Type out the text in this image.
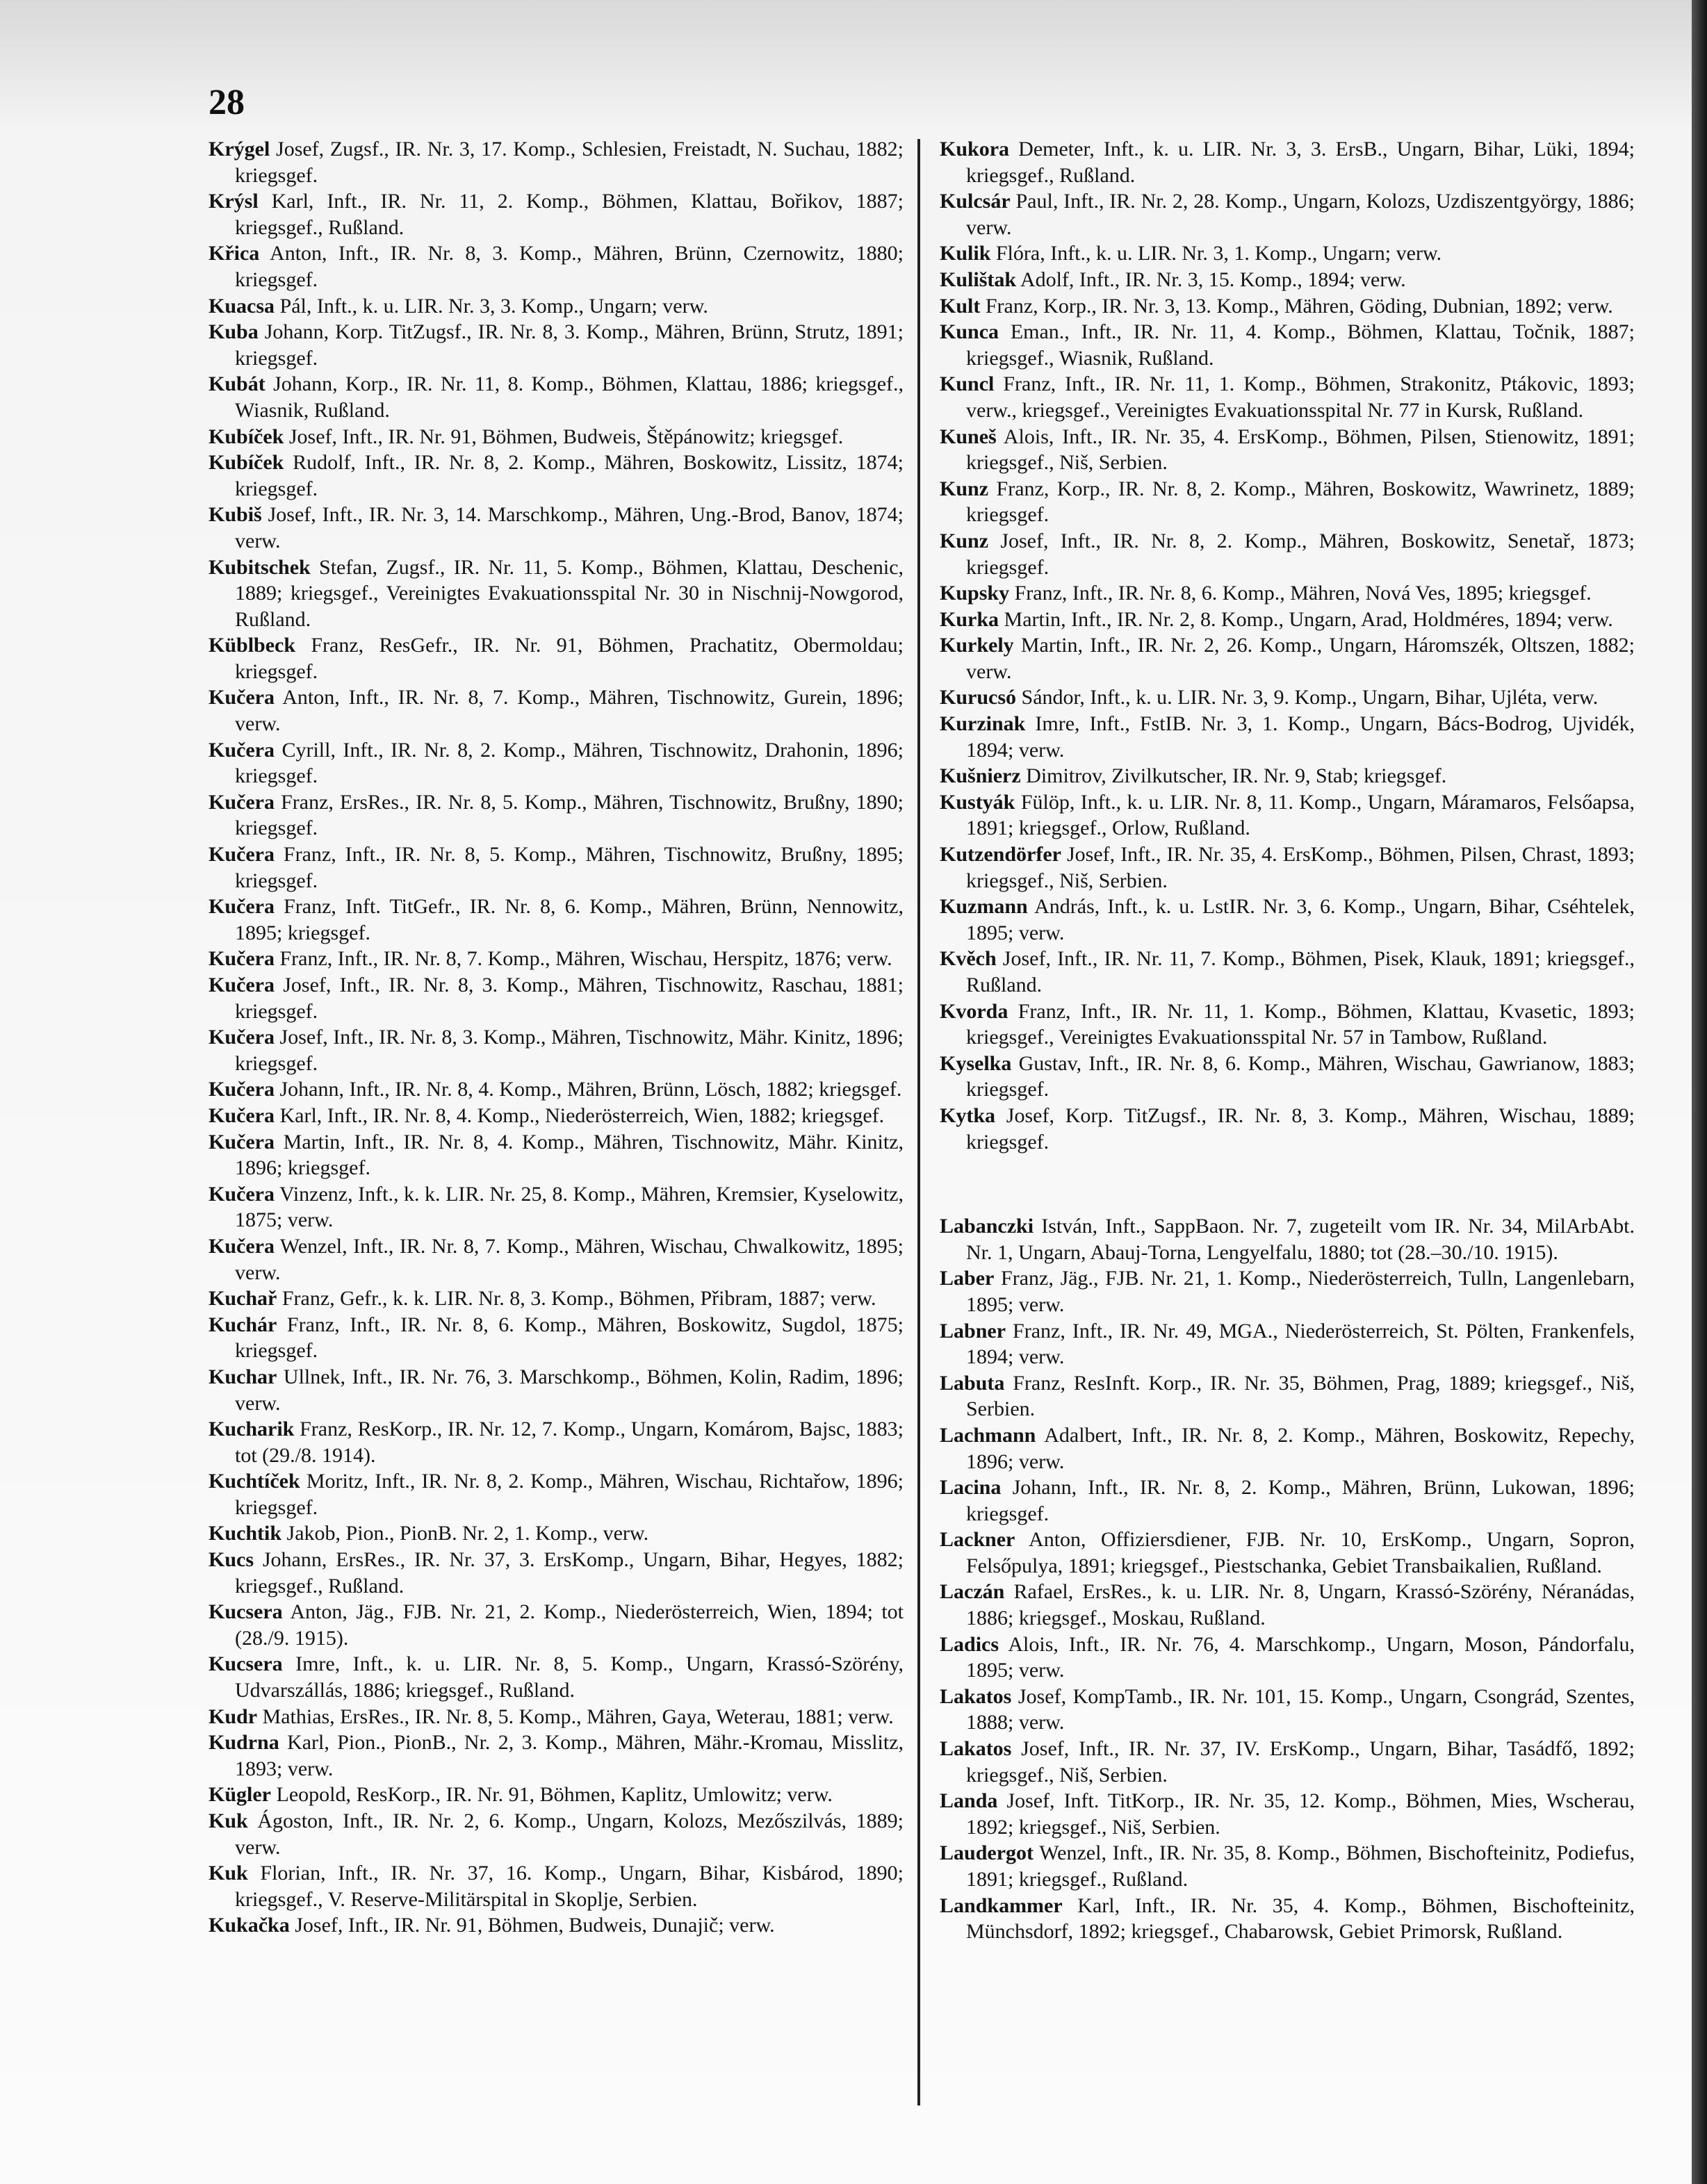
28

Krýgel Josef, Zugsf., IR. Nr. 3, 17. Komp., Schlesien, Freistadt, N. Suchau, 1882; kriegsgef.

Krýsl Karl, Inft., IR. Nr. 11, 2. Komp., Böhmen, Klattau, Bořikov, 1887; kriegsgef., Rußland.

Křica Anton, Inft., IR. Nr. 8, 3. Komp., Mähren, Brünn, Czernowitz, 1880; kriegsgef.

Kuacsa Pál, Inft., k. u. LIR. Nr. 3, 3. Komp., Ungarn; verw.

Kuba Johann, Korp. TitZugsf., IR. Nr. 8, 3. Komp., Mähren, Brünn, Strutz, 1891; kriegsgef.

Kubát Johann, Korp., IR. Nr. 11, 8. Komp., Böhmen, Klattau, 1886; kriegsgef., Wiasnik, Rußland.

Kubíček Josef, Inft., IR. Nr. 91, Böhmen, Budweis, Štěpánowitz; kriegsgef.

Kubíček Rudolf, Inft., IR. Nr. 8, 2. Komp., Mähren, Boskowitz, Lissitz, 1874; kriegsgef.

Kubiš Josef, Inft., IR. Nr. 3, 14. Marschkomp., Mähren, Ung.-Brod, Banov, 1874; verw.

Kubitschek Stefan, Zugsf., IR. Nr. 11, 5. Komp., Böhmen, Klattau, Deschenic, 1889; kriegsgef., Vereinigtes Evakuationsspital Nr. 30 in Nischnij-Nowgorod, Rußland.

Küblbeck Franz, ResGefr., IR. Nr. 91, Böhmen, Prachatitz, Obermoldau; kriegsgef.

Kučera Anton, Inft., IR. Nr. 8, 7. Komp., Mähren, Tischnowitz, Gurein, 1896; verw.

Kučera Cyrill, Inft., IR. Nr. 8, 2. Komp., Mähren, Tischnowitz, Drahonin, 1896; kriegsgef.

Kučera Franz, ErsRes., IR. Nr. 8, 5. Komp., Mähren, Tischnowitz, Brußny, 1890; kriegsgef.

Kučera Franz, Inft., IR. Nr. 8, 5. Komp., Mähren, Tischnowitz, Brußny, 1895; kriegsgef.

Kučera Franz, Inft. TitGefr., IR. Nr. 8, 6. Komp., Mähren, Brünn, Nennowitz, 1895; kriegsgef.

Kučera Franz, Inft., IR. Nr. 8, 7. Komp., Mähren, Wischau, Herspitz, 1876; verw.

Kučera Josef, Inft., IR. Nr. 8, 3. Komp., Mähren, Tischnowitz, Raschau, 1881; kriegsgef.

Kučera Josef, Inft., IR. Nr. 8, 3. Komp., Mähren, Tischnowitz, Mähr. Kinitz, 1896; kriegsgef.

Kučera Johann, Inft., IR. Nr. 8, 4. Komp., Mähren, Brünn, Lösch, 1882; kriegsgef.

Kučera Karl, Inft., IR. Nr. 8, 4. Komp., Niederösterreich, Wien, 1882; kriegsgef.

Kučera Martin, Inft., IR. Nr. 8, 4. Komp., Mähren, Tischnowitz, Mähr. Kinitz, 1896; kriegsgef.

Kučera Vinzenz, Inft., k. k. LIR. Nr. 25, 8. Komp., Mähren, Kremsier, Kyselowitz, 1875; verw.

Kučera Wenzel, Inft., IR. Nr. 8, 7. Komp., Mähren, Wischau, Chwalkowitz, 1895; verw.

Kuchař Franz, Gefr., k. k. LIR. Nr. 8, 3. Komp., Böhmen, Přibram, 1887; verw.

Kuchár Franz, Inft., IR. Nr. 8, 6. Komp., Mähren, Boskowitz, Sugdol, 1875; kriegsgef.

Kuchar Ullnek, Inft., IR. Nr. 76, 3. Marschkomp., Böhmen, Kolin, Radim, 1896; verw.

Kucharik Franz, ResKorp., IR. Nr. 12, 7. Komp., Ungarn, Komárom, Bajsc, 1883; tot (29./8. 1914).

Kuchtíček Moritz, Inft., IR. Nr. 8, 2. Komp., Mähren, Wischau, Richtařow, 1896; kriegsgef.

Kuchtik Jakob, Pion., PionB. Nr. 2, 1. Komp., verw.

Kucs Johann, ErsRes., IR. Nr. 37, 3. ErsKomp., Ungarn, Bihar, Hegyes, 1882; kriegsgef., Rußland.

Kucsera Anton, Jäg., FJB. Nr. 21, 2. Komp., Niederösterreich, Wien, 1894; tot (28./9. 1915).

Kucsera Imre, Inft., k. u. LIR. Nr. 8, 5. Komp., Ungarn, Krassó-Szörény, Udvarszállás, 1886; kriegsgef., Rußland.

Kudr Mathias, ErsRes., IR. Nr. 8, 5. Komp., Mähren, Gaya, Weterau, 1881; verw.

Kudrna Karl, Pion., PionB., Nr. 2, 3. Komp., Mähren, Mähr.-Kromau, Misslitz, 1893; verw.

Kügler Leopold, ResKorp., IR. Nr. 91, Böhmen, Kaplitz, Umlowitz; verw.

Kuk Ágoston, Inft., IR. Nr. 2, 6. Komp., Ungarn, Kolozs, Mezőszilvás, 1889; verw.

Kuk Florian, Inft., IR. Nr. 37, 16. Komp., Ungarn, Bihar, Kisbárod, 1890; kriegsgef., V. Reserve-Militärspital in Skoplje, Serbien.

Kukačka Josef, Inft., IR. Nr. 91, Böhmen, Budweis, Dunajič; verw.

Kukora Demeter, Inft., k. u. LIR. Nr. 3, 3. ErsB., Ungarn, Bihar, Lüki, 1894; kriegsgef., Rußland.

Kulcsár Paul, Inft., IR. Nr. 2, 28. Komp., Ungarn, Kolozs, Uzdiszentgyörgy, 1886; verw.

Kulik Flóra, Inft., k. u. LIR. Nr. 3, 1. Komp., Ungarn; verw.

Kulištak Adolf, Inft., IR. Nr. 3, 15. Komp., 1894; verw.

Kult Franz, Korp., IR. Nr. 3, 13. Komp., Mähren, Göding, Dubnian, 1892; verw.

Kunca Eman., Inft., IR. Nr. 11, 4. Komp., Böhmen, Klattau, Točnik, 1887; kriegsgef., Wiasnik, Rußland.

Kuncl Franz, Inft., IR. Nr. 11, 1. Komp., Böhmen, Strakonitz, Ptákovic, 1893; verw., kriegsgef., Vereinigtes Evakuationsspital Nr. 77 in Kursk, Rußland.

Kuneš Alois, Inft., IR. Nr. 35, 4. ErsKomp., Böhmen, Pilsen, Stienowitz, 1891; kriegsgef., Niš, Serbien.

Kunz Franz, Korp., IR. Nr. 8, 2. Komp., Mähren, Boskowitz, Wawrinetz, 1889; kriegsgef.

Kunz Josef, Inft., IR. Nr. 8, 2. Komp., Mähren, Boskowitz, Senetař, 1873; kriegsgef.

Kupsky Franz, Inft., IR. Nr. 8, 6. Komp., Mähren, Nová Ves, 1895; kriegsgef.

Kurka Martin, Inft., IR. Nr. 2, 8. Komp., Ungarn, Arad, Holdméres, 1894; verw.

Kurkely Martin, Inft., IR. Nr. 2, 26. Komp., Ungarn, Háromszék, Oltszen, 1882; verw.

Kurucsó Sándor, Inft., k. u. LIR. Nr. 3, 9. Komp., Ungarn, Bihar, Ujléta, verw.

Kurzinak Imre, Inft., FstIB. Nr. 3, 1. Komp., Ungarn, Bács-Bodrog, Ujvidék, 1894; verw.

Kušnierz Dimitrov, Zivilkutscher, IR. Nr. 9, Stab; kriegsgef.

Kustyák Fülöp, Inft., k. u. LIR. Nr. 8, 11. Komp., Ungarn, Máramaros, Felsőapsa, 1891; kriegsgef., Orlow, Rußland.

Kutzendörfer Josef, Inft., IR. Nr. 35, 4. ErsKomp., Böhmen, Pilsen, Chrast, 1893; kriegsgef., Niš, Serbien.

Kuzmann András, Inft., k. u. LstIR. Nr. 3, 6. Komp., Ungarn, Bihar, Cséhtelek, 1895; verw.

Kvěch Josef, Inft., IR. Nr. 11, 7. Komp., Böhmen, Pisek, Klauk, 1891; kriegsgef., Rußland.

Kvorda Franz, Inft., IR. Nr. 11, 1. Komp., Böhmen, Klattau, Kvasetic, 1893; kriegsgef., Vereinigtes Evakuationsspital Nr. 57 in Tambow, Rußland.

Kyselka Gustav, Inft., IR. Nr. 8, 6. Komp., Mähren, Wischau, Gawrianow, 1883; kriegsgef.

Kytka Josef, Korp. TitZugsf., IR. Nr. 8, 3. Komp., Mähren, Wischau, 1889; kriegsgef.

Labanczki István, Inft., SappBaon. Nr. 7, zugeteilt vom IR. Nr. 34, MilArbAbt. Nr. 1, Ungarn, Abauj-Torna, Lengyelfalu, 1880; tot (28.–30./10. 1915).

Laber Franz, Jäg., FJB. Nr. 21, 1. Komp., Niederösterreich, Tulln, Langenlebarn, 1895; verw.

Labner Franz, Inft., IR. Nr. 49, MGA., Niederösterreich, St. Pölten, Frankenfels, 1894; verw.

Labuta Franz, ResInft. Korp., IR. Nr. 35, Böhmen, Prag, 1889; kriegsgef., Niš, Serbien.

Lachmann Adalbert, Inft., IR. Nr. 8, 2. Komp., Mähren, Boskowitz, Repechy, 1896; verw.

Lacina Johann, Inft., IR. Nr. 8, 2. Komp., Mähren, Brünn, Lukowan, 1896; kriegsgef.

Lackner Anton, Offiziersdiener, FJB. Nr. 10, ErsKomp., Ungarn, Sopron, Felsőpulya, 1891; kriegsgef., Piestschanka, Gebiet Transbaikalien, Rußland.

Laczán Rafael, ErsRes., k. u. LIR. Nr. 8, Ungarn, Krassó-Szörény, Néranádas, 1886; kriegsgef., Moskau, Rußland.

Ladics Alois, Inft., IR. Nr. 76, 4. Marschkomp., Ungarn, Moson, Pándorfalu, 1895; verw.

Lakatos Josef, KompTamb., IR. Nr. 101, 15. Komp., Ungarn, Csongrád, Szentes, 1888; verw.

Lakatos Josef, Inft., IR. Nr. 37, IV. ErsKomp., Ungarn, Bihar, Tasádfő, 1892; kriegsgef., Niš, Serbien.

Landa Josef, Inft. TitKorp., IR. Nr. 35, 12. Komp., Böhmen, Mies, Wscherau, 1892; kriegsgef., Niš, Serbien.

Laudergot Wenzel, Inft., IR. Nr. 35, 8. Komp., Böhmen, Bischofteinitz, Podiefus, 1891; kriegsgef., Rußland.

Landkammer Karl, Inft., IR. Nr. 35, 4. Komp., Böhmen, Bischofteinitz, Münchsdorf, 1892; kriegsgef., Chabarowsk, Gebiet Primorsk, Rußland.
